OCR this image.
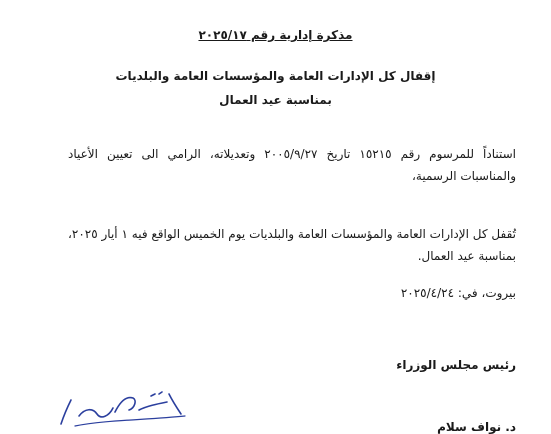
مذكرة إدارية رقم ٢٠٢٥/١٧

إقفال كل الإدارات العامة والمؤسسات العامة والبلديات
بمناسبة عيد العمال

استناداً للمرسوم رقم ١٥٢١٥ تاريخ ٢٠٠٥/٩/٢٧ وتعديلاته، الرامي الى تعيين الأعياد والمناسبات الرسمية،

تُقفل كل الإدارات العامة والمؤسسات العامة والبلديات يوم الخميس الواقع فيه ١ أيار ٢٠٢٥، بمناسبة عيد العمال.

بيروت، في: ٢٠٢٥/٤/٢٤

رئيس مجلس الوزراء

د. نواف سلام
